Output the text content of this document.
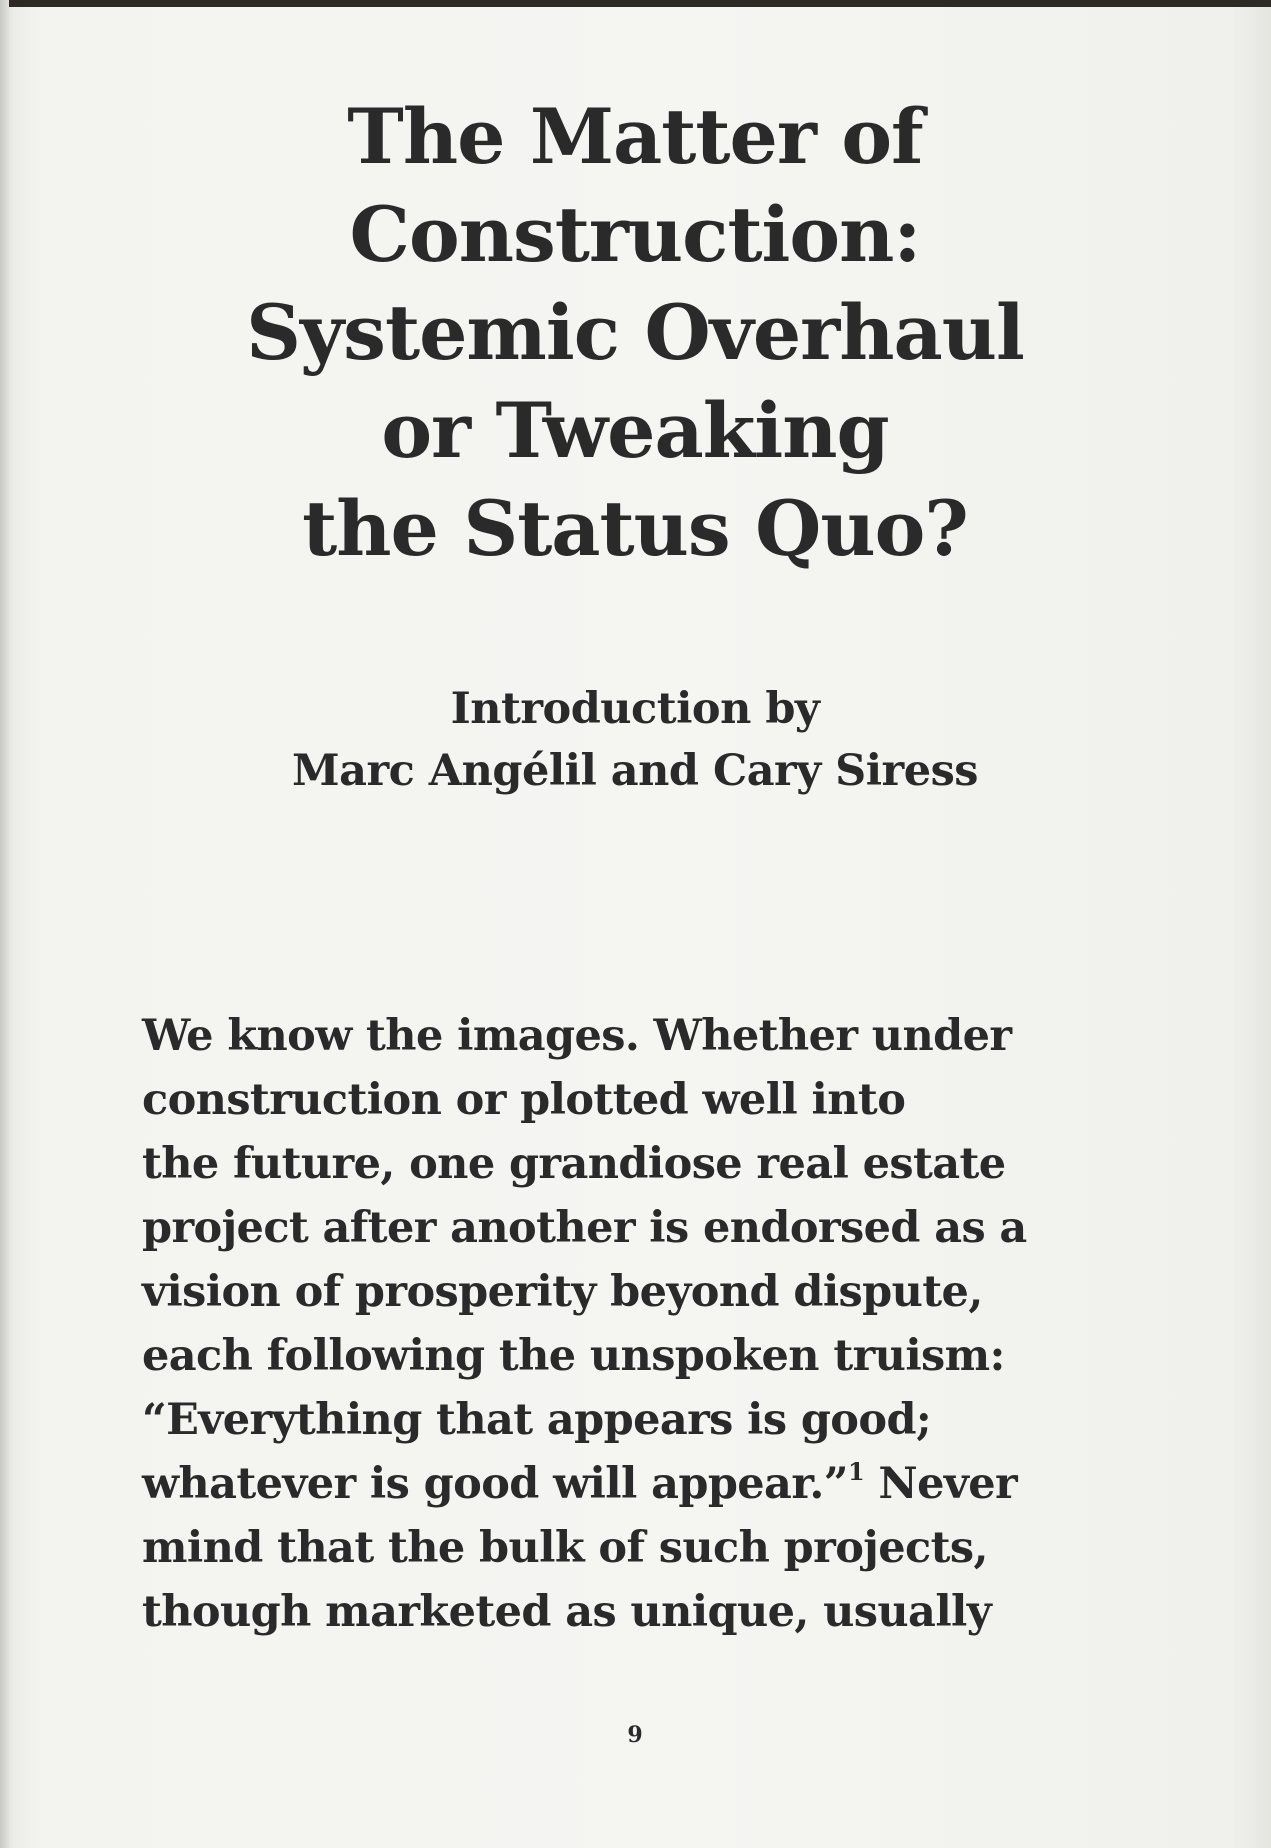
The Matter of
Construction:
Systemic Overhaul
or Tweaking
the Status Quo?
Introduction by
Marc Angélil and Cary Siress
We know the images. Whether under
construction or plotted well into
the future, one grandiose real estate
project after another is endorsed as a
vision of prosperity beyond dispute,
each following the unspoken truism:
“Everything that appears is good;
whatever is good will appear.”$^1$ Never
mind that the bulk of such projects,
though marketed as unique, usually
9
